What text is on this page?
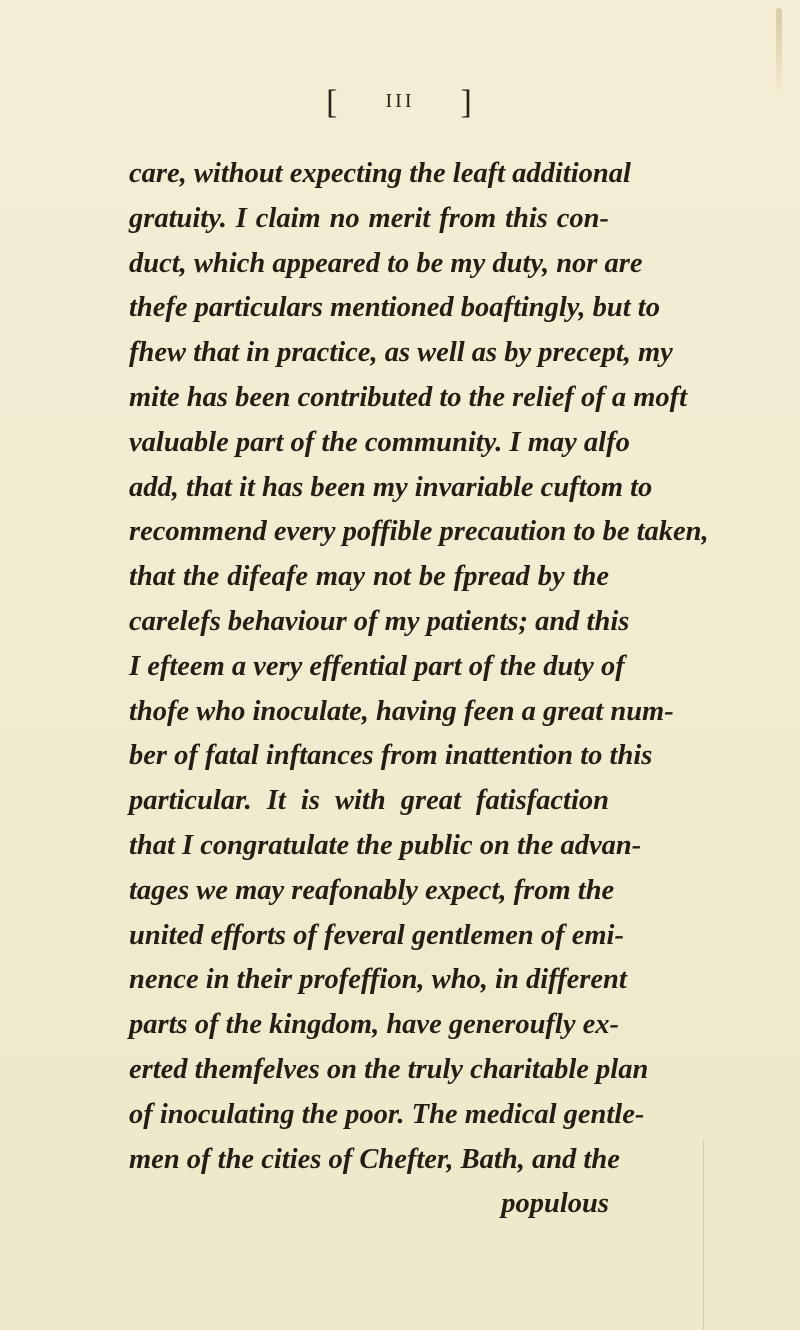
[ III ]
care, without expecting the leaft additional
gratuity. I claim no merit from this con-
duct, which appeared to be my duty, nor are
thefe particulars mentioned boaftingly, but to
fhew that in practice, as well as by precept, my
mite has been contributed to the relief of a moft
valuable part of the community. I may alfo
add, that it has been my invariable cuftom to
recommend every poffible precaution to be taken,
that the difeafe may not be fpread by the
carelefs behaviour of my patients; and this
I efteem a very effential part of the duty of
thofe who inoculate, having feen a great num-
ber of fatal inftances from inattention to this
particular. It is with great fatisfaction
that I congratulate the public on the advan-
tages we may reafonably expect, from the
united efforts of feveral gentlemen of emi-
nence in their profeffion, who, in different
parts of the kingdom, have generoufly ex-
erted themfelves on the truly charitable plan
of inoculating the poor. The medical gentle-
men of the cities of Chefter, Bath, and the
populous
